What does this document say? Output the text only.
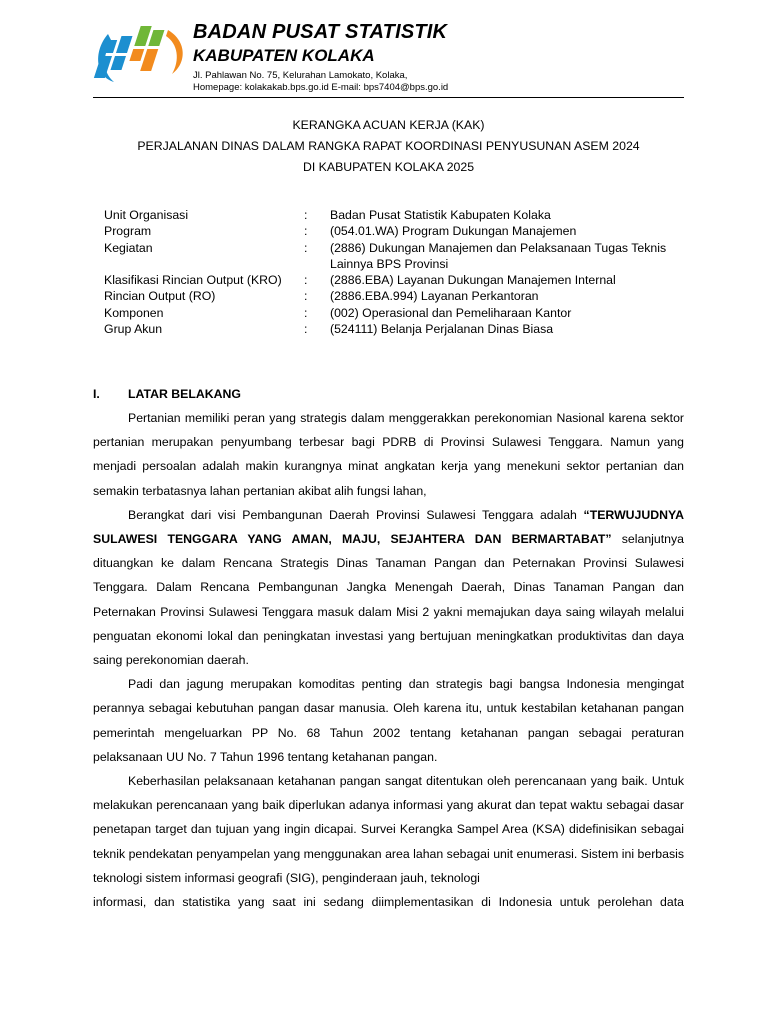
BADAN PUSAT STATISTIK
KABUPATEN KOLAKA
Jl. Pahlawan No. 75, Kelurahan Lamokato, Kolaka,
Homepage: kolakakab.bps.go.id E-mail: bps7404@bps.go.id
KERANGKA ACUAN KERJA (KAK)
PERJALANAN DINAS DALAM RANGKA RAPAT KOORDINASI PENYUSUNAN ASEM 2024
DI KABUPATEN KOLAKA 2025
Unit Organisasi	:	Badan Pusat Statistik Kabupaten Kolaka
Program	:	(054.01.WA) Program Dukungan Manajemen
Kegiatan	:	(2886) Dukungan Manajemen dan Pelaksanaan Tugas Teknis Lainnya BPS Provinsi
Klasifikasi Rincian Output (KRO)	:	(2886.EBA) Layanan Dukungan Manajemen Internal
Rincian Output (RO)	:	(2886.EBA.994) Layanan Perkantoran
Komponen	:	(002) Operasional dan Pemeliharaan Kantor
Grup Akun	:	(524111) Belanja Perjalanan Dinas Biasa
I.	LATAR BELAKANG

Pertanian memiliki peran yang strategis dalam menggerakkan perekonomian Nasional karena sektor pertanian merupakan penyumbang terbesar bagi PDRB di Provinsi Sulawesi Tenggara. Namun yang menjadi persoalan adalah makin kurangnya minat angkatan kerja yang menekuni sektor pertanian dan semakin terbatasnya lahan pertanian akibat alih fungsi lahan,

Berangkat dari visi Pembangunan Daerah Provinsi Sulawesi Tenggara adalah “TERWUJUDNYA SULAWESI TENGGARA YANG AMAN, MAJU, SEJAHTERA DAN BERMARTABAT” selanjutnya dituangkan ke dalam Rencana Strategis Dinas Tanaman Pangan dan Peternakan Provinsi Sulawesi Tenggara. Dalam Rencana Pembangunan Jangka Menengah Daerah, Dinas Tanaman Pangan dan Peternakan Provinsi Sulawesi Tenggara masuk dalam Misi 2 yakni memajukan daya saing wilayah melalui penguatan ekonomi lokal dan peningkatan investasi yang bertujuan meningkatkan produktivitas dan daya saing perekonomian daerah.

Padi dan jagung merupakan komoditas penting dan strategis bagi bangsa Indonesia mengingat perannya sebagai kebutuhan pangan dasar manusia. Oleh karena itu, untuk kestabilan ketahanan pangan pemerintah mengeluarkan PP No. 68 Tahun 2002 tentang ketahanan pangan sebagai peraturan pelaksanaan UU No. 7 Tahun 1996 tentang ketahanan pangan.

Keberhasilan pelaksanaan ketahanan pangan sangat ditentukan oleh perencanaan yang baik. Untuk melakukan perencanaan yang baik diperlukan adanya informasi yang akurat dan tepat waktu sebagai dasar penetapan target dan tujuan yang ingin dicapai. Survei Kerangka Sampel Area (KSA) didefinisikan sebagai teknik pendekatan penyampelan yang menggunakan area lahan sebagai unit enumerasi. Sistem ini berbasis teknologi sistem informasi geografi (SIG), penginderaan jauh, teknologi
informasi, dan statistika yang saat ini sedang diimplementasikan di Indonesia untuk perolehan data
